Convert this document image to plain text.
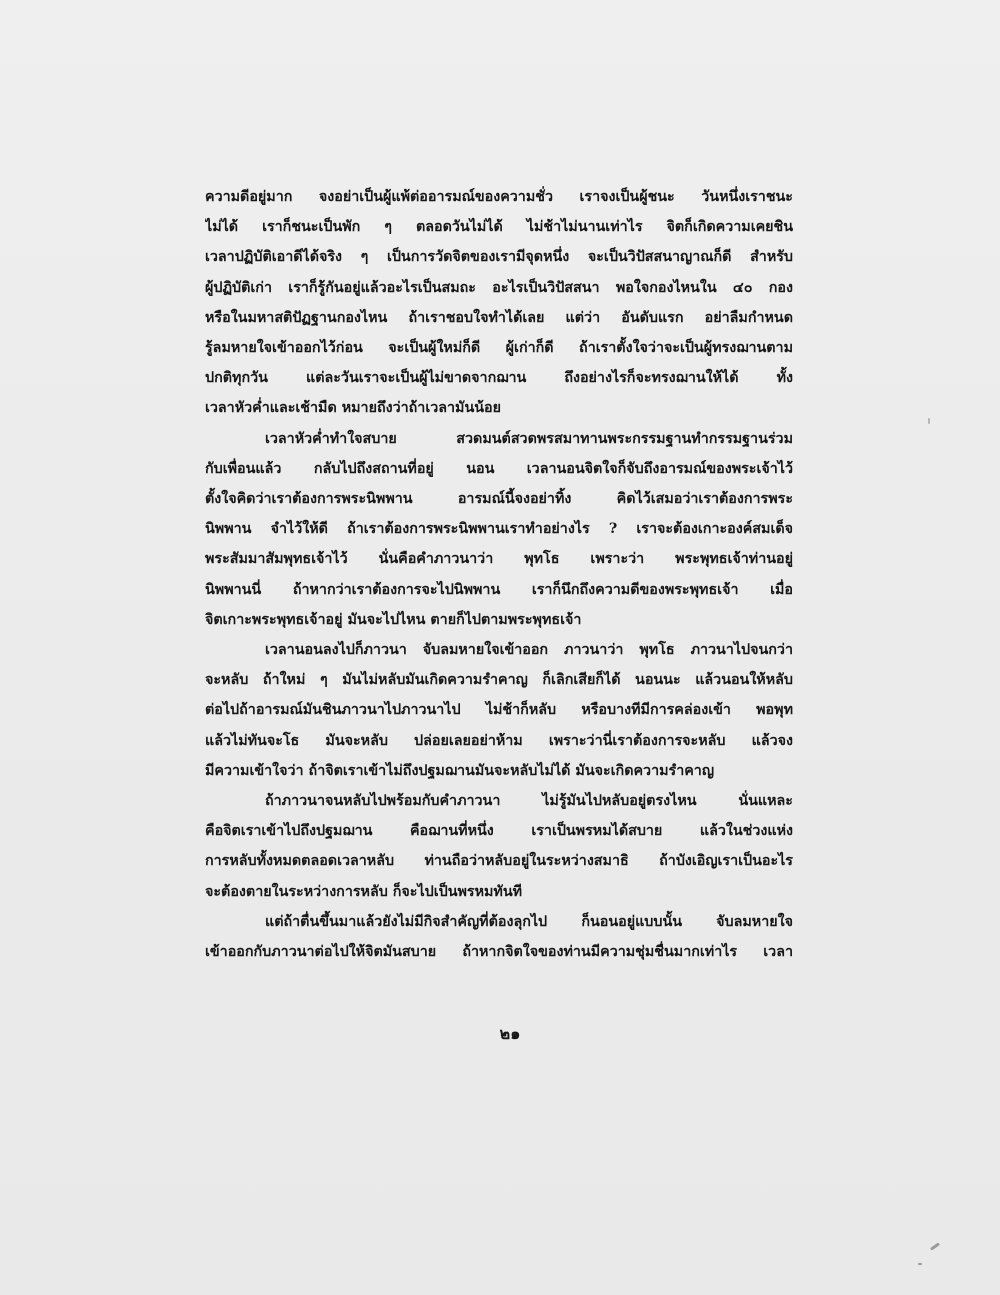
ความดีอยู่มาก จงอย่าเป็นผู้แพ้ต่ออารมณ์ของความชั่ว เราจงเป็นผู้ชนะ วันหนึ่งเราชนะ
ไม่ได้ เราก็ชนะเป็นพัก ๆ ตลอดวันไม่ได้ ไม่ช้าไม่นานเท่าไร จิตก็เกิดความเคยชิน
เวลาปฏิบัติเอาดีได้จริง ๆ เป็นการวัดจิตของเรามีจุดหนึ่ง จะเป็นวิปัสสนาญาณก็ดี สำหรับ
ผู้ปฏิบัติเก่า เราก็รู้กันอยู่แล้วอะไรเป็นสมถะ อะไรเป็นวิปัสสนา พอใจกองไหนใน ๔๐ กอง
หรือในมหาสติปัฏฐานกองไหน ถ้าเราชอบใจทำได้เลย แต่ว่า อันดับแรก อย่าลืมกำหนด
รู้ลมหายใจเข้าออกไว้ก่อน จะเป็นผู้ใหม่ก็ดี ผู้เก่าก็ดี ถ้าเราตั้งใจว่าจะเป็นผู้ทรงฌานตาม
ปกติทุกวัน แต่ละวันเราจะเป็นผู้ไม่ขาดจากฌาน ถึงอย่างไรก็จะทรงฌานให้ได้ ทั้ง
เวลาหัวค่ำและเช้ามืด หมายถึงว่าถ้าเวลามันน้อย
เวลาหัวค่ำทำใจสบาย สวดมนต์สวดพรสมาทานพระกรรมฐานทำกรรมฐานร่วม
กับเพื่อนแล้ว กลับไปถึงสถานที่อยู่ นอน เวลานอนจิตใจก็จับถึงอารมณ์ของพระเจ้าไว้
ตั้งใจคิดว่าเราต้องการพระนิพพาน อารมณ์นี้จงอย่าทิ้ง คิดไว้เสมอว่าเราต้องการพระ
นิพพาน จำไว้ให้ดี ถ้าเราต้องการพระนิพพานเราทำอย่างไร ? เราจะต้องเกาะองค์สมเด็จ
พระสัมมาสัมพุทธเจ้าไว้ นั่นคือคำภาวนาว่า พุทโธ เพราะว่า พระพุทธเจ้าท่านอยู่
นิพพานนี่ ถ้าหากว่าเราต้องการจะไปนิพพาน เราก็นึกถึงความดีของพระพุทธเจ้า เมื่อ
จิตเกาะพระพุทธเจ้าอยู่ มันจะไปไหน ตายก็ไปตามพระพุทธเจ้า
เวลานอนลงไปก็ภาวนา จับลมหายใจเข้าออก ภาวนาว่า พุทโธ ภาวนาไปจนกว่า
จะหลับ ถ้าใหม่ ๆ มันไม่หลับมันเกิดความรำคาญ ก็เลิกเสียก็ได้ นอนนะ แล้วนอนให้หลับ
ต่อไปถ้าอารมณ์มันชินภาวนาไปภาวนาไป ไม่ช้าก็หลับ หรือบางทีมีการคล่องเข้า พอพุท
แล้วไม่ทันจะโธ มันจะหลับ ปล่อยเลยอย่าห้าม เพราะว่านี่เราต้องการจะหลับ แล้วจง
มีความเข้าใจว่า ถ้าจิตเราเข้าไม่ถึงปฐมฌานมันจะหลับไม่ได้ มันจะเกิดความรำคาญ
ถ้าภาวนาจนหลับไปพร้อมกับคำภาวนา ไม่รู้มันไปหลับอยู่ตรงไหน นั่นแหละ
คือจิตเราเข้าไปถึงปฐมฌาน คือฌานที่หนึ่ง เราเป็นพรหมได้สบาย แล้วในช่วงแห่ง
การหลับทั้งหมดตลอดเวลาหลับ ท่านถือว่าหลับอยู่ในระหว่างสมาธิ ถ้าบังเอิญเราเป็นอะไร
จะต้องตายในระหว่างการหลับ ก็จะไปเป็นพรหมทันที
แต่ถ้าตื่นขึ้นมาแล้วยังไม่มีกิจสำคัญที่ต้องลุกไป ก็นอนอยู่แบบนั้น จับลมหายใจ
เข้าออกกับภาวนาต่อไปให้จิตมันสบาย ถ้าหากจิตใจของท่านมีความชุ่มชื่นมากเท่าไร เวลา
๒๑
